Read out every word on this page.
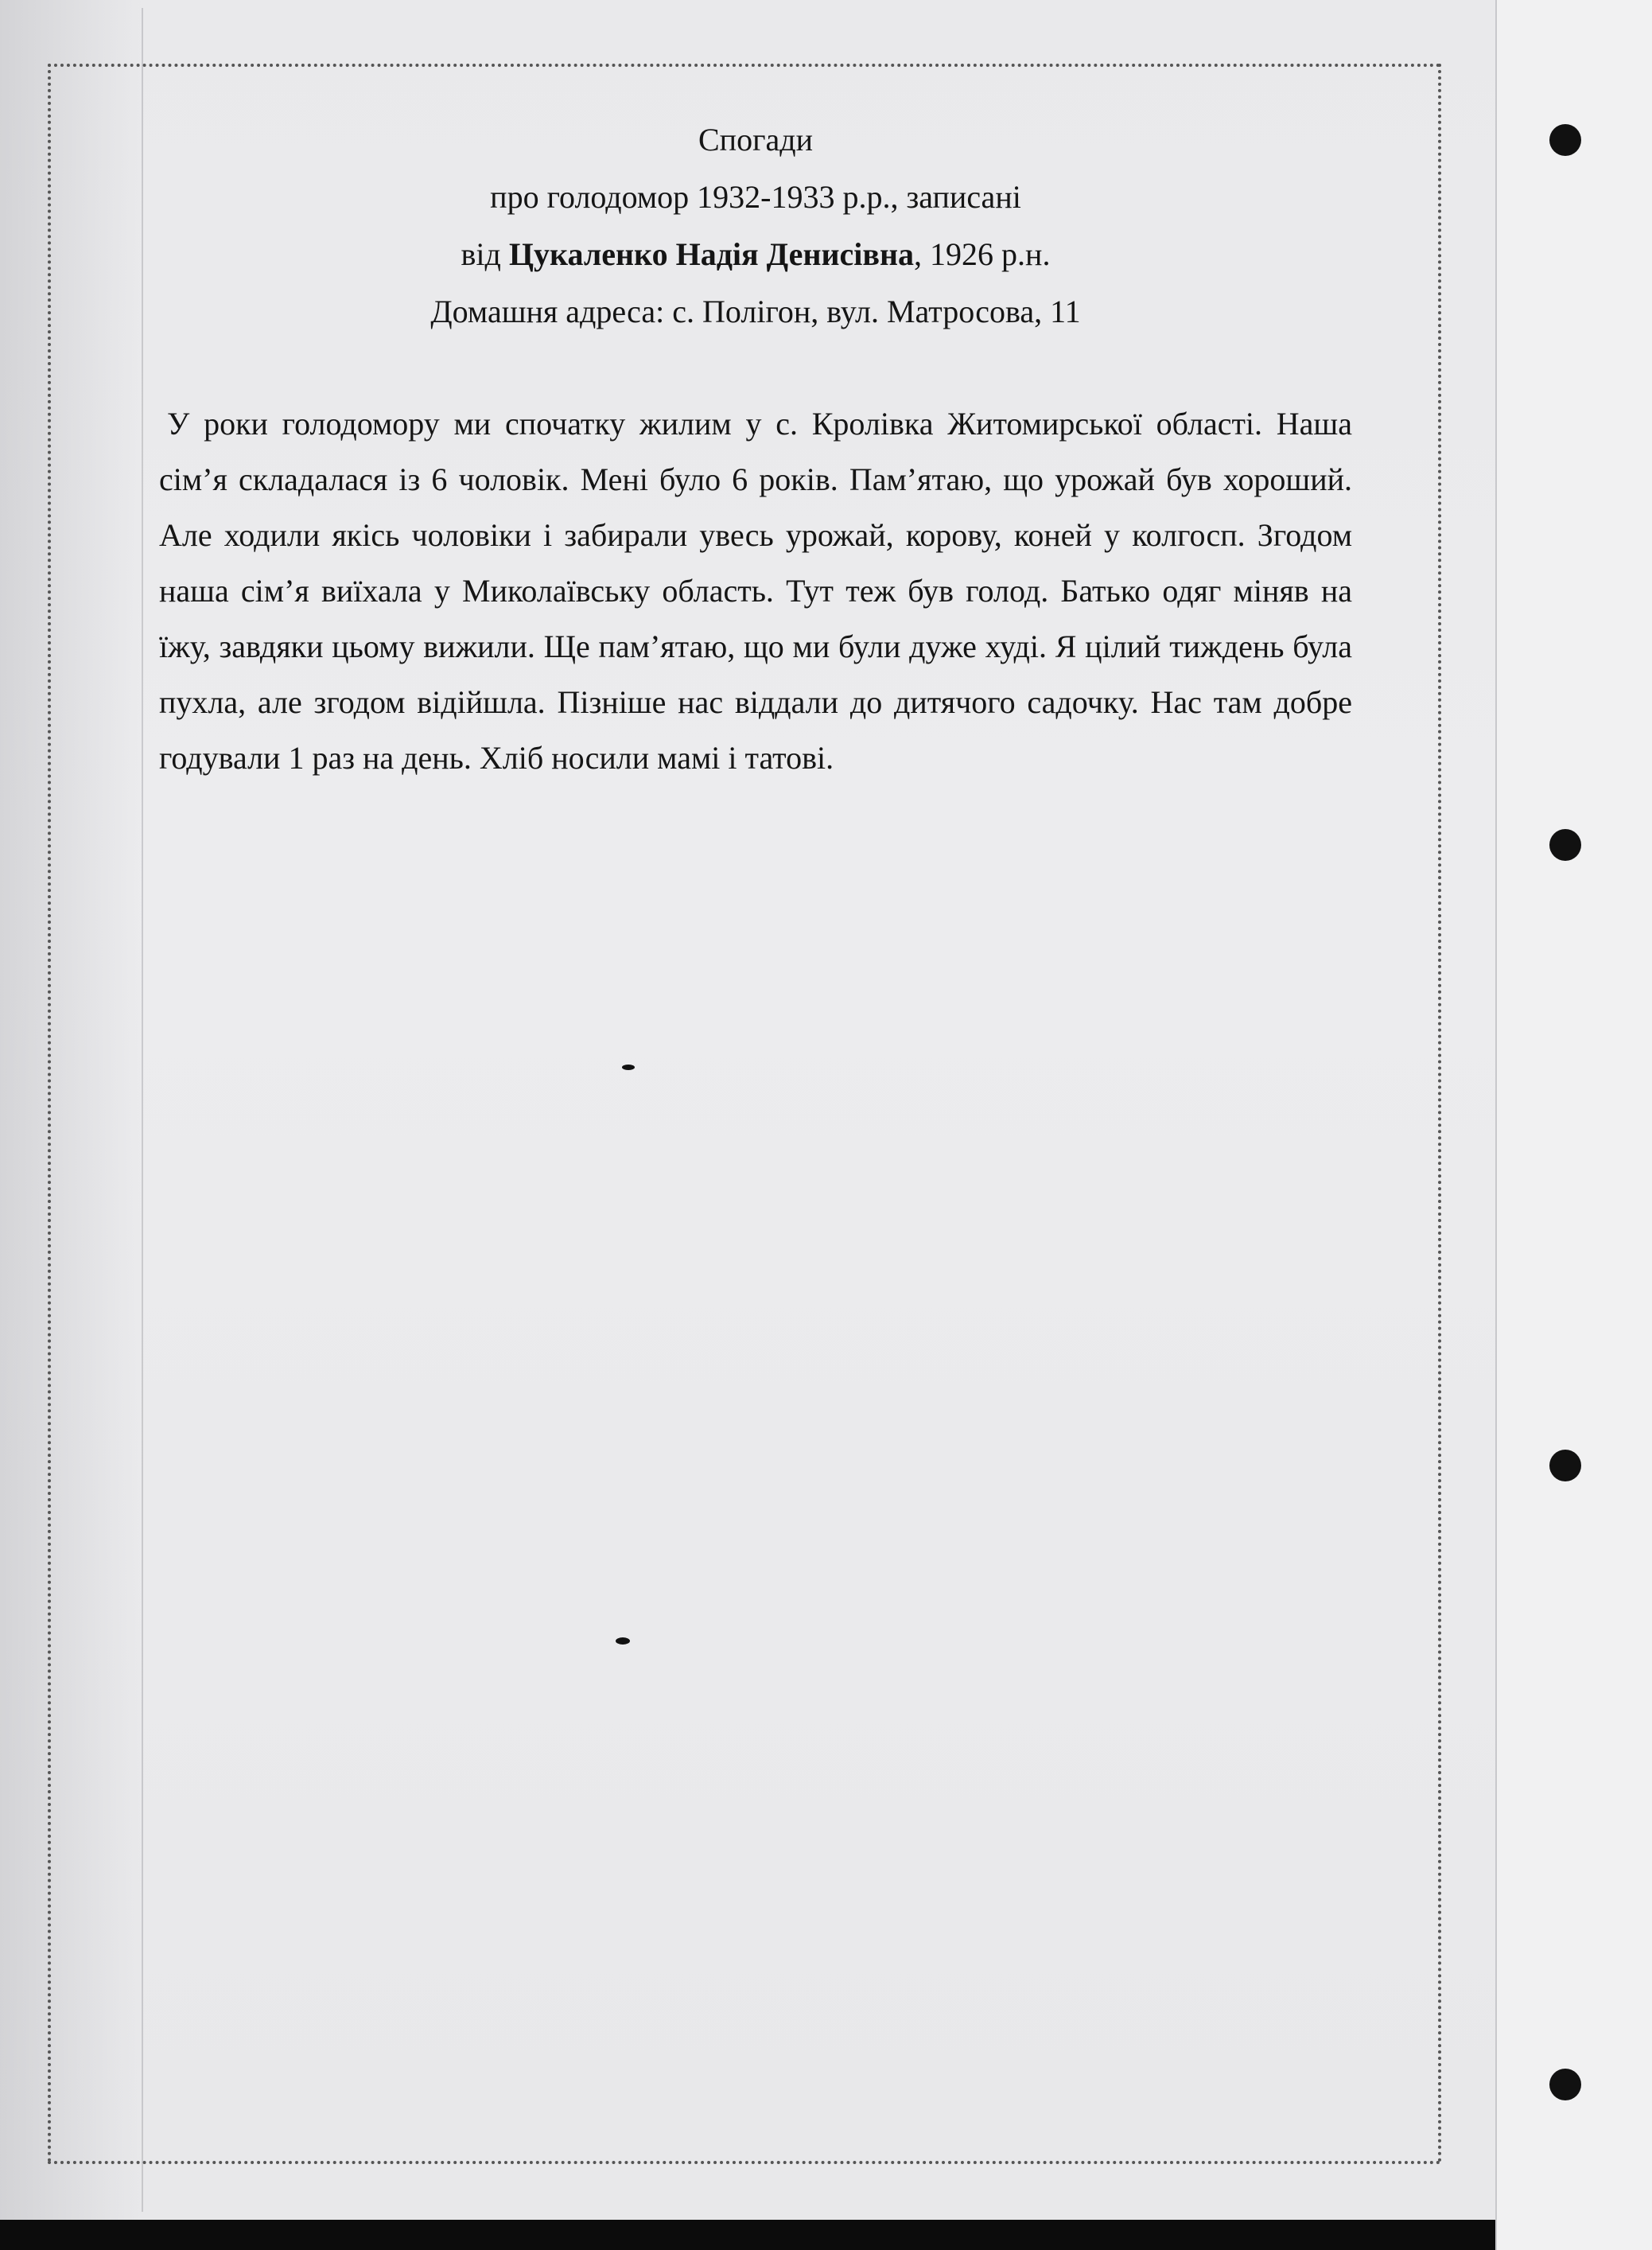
Спогади

про голодомор 1932-1933 р.р., записані

від Цукаленко Надія Денисівна, 1926 р.н.

Домашня адреса: с. Полігон, вул. Матросова, 11

У роки голодомору ми спочатку жилим у с. Кролівка Житомирської області. Наша сім’я складалася із 6 чоловік. Мені було 6 років. Пам’ятаю, що урожай був хороший. Але ходили якісь чоловіки і забирали увесь урожай, корову, коней у колгосп. Згодом наша сім’я виїхала у Миколаївську область. Тут теж був голод. Батько одяг міняв на їжу, завдяки цьому вижили. Ще пам’ятаю, що ми були дуже худі. Я цілий тиждень була пухла, але згодом відійшла. Пізніше нас віддали до дитячого садочку. Нас там добре годували 1 раз на день. Хліб носили мамі і татові.
